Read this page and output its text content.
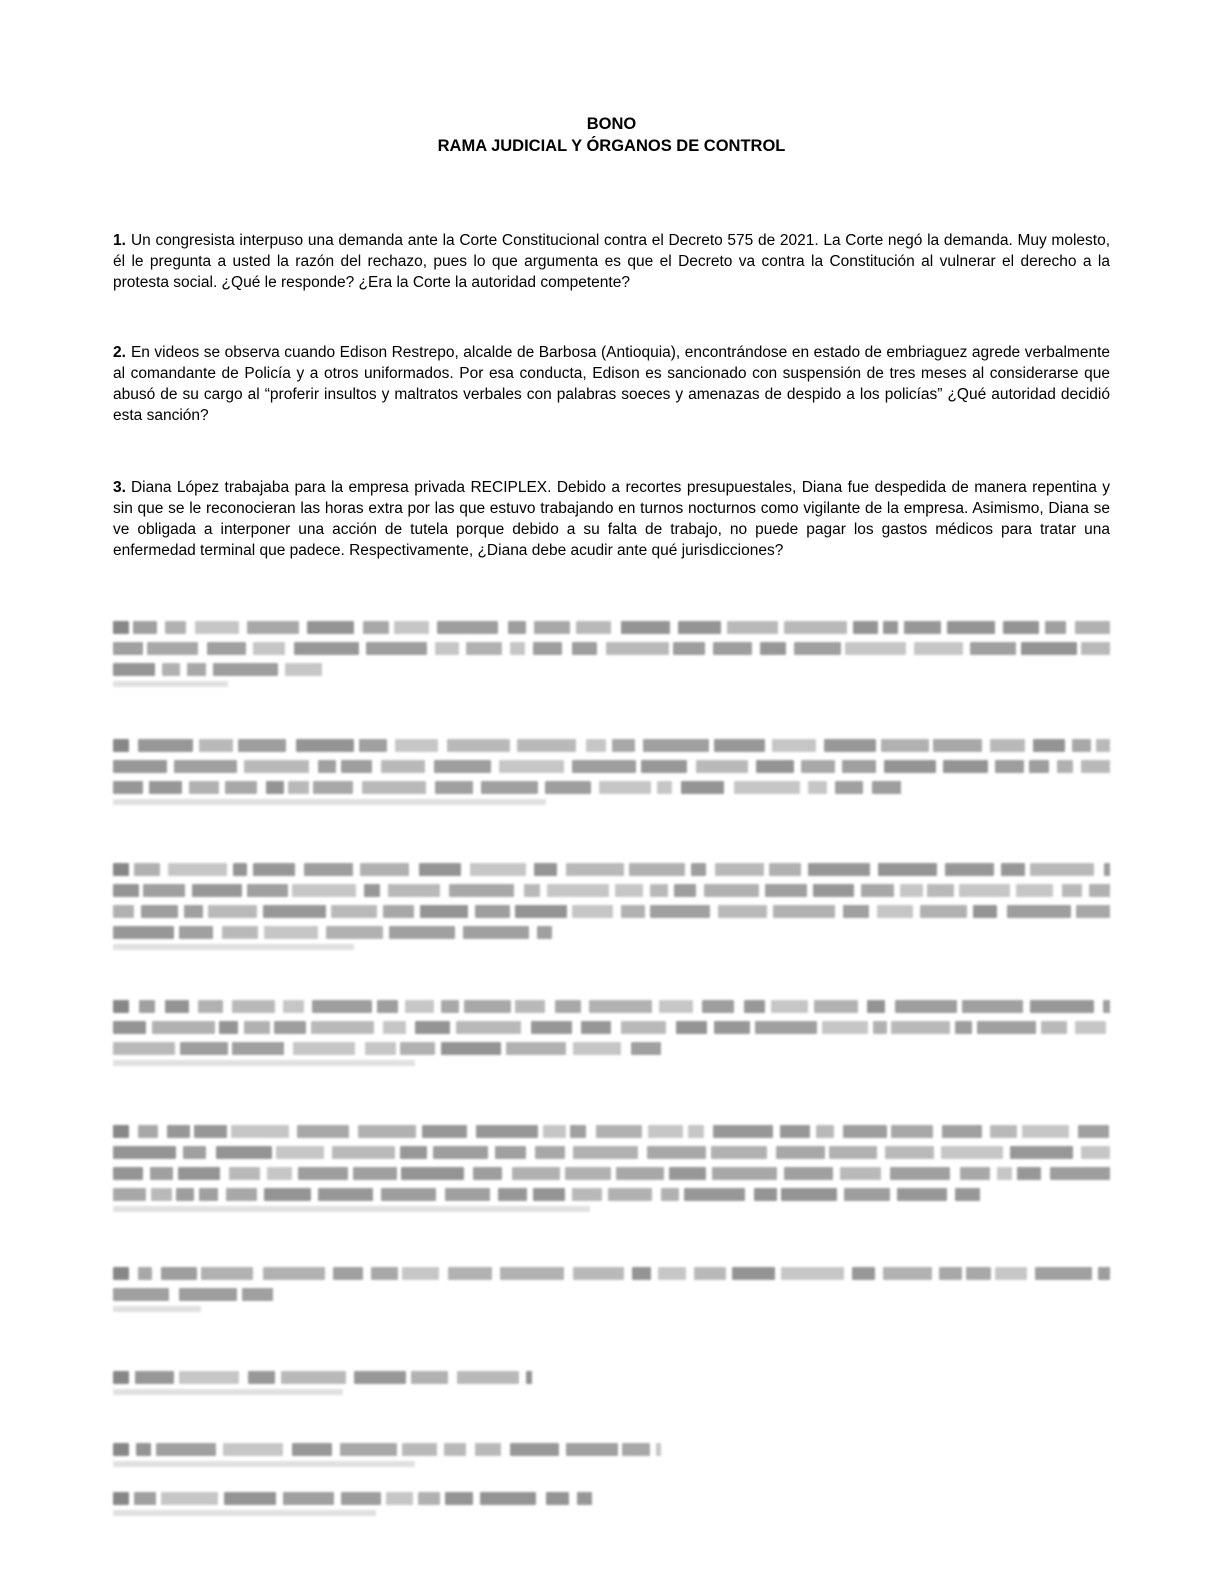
BONO
RAMA JUDICIAL Y ÓRGANOS DE CONTROL

1. Un congresista interpuso una demanda ante la Corte Constitucional contra el Decreto 575 de 2021. La Corte negó la demanda. Muy molesto, él le pregunta a usted la razón del rechazo, pues lo que argumenta es que el Decreto va contra la Constitución al vulnerar el derecho a la protesta social. ¿Qué le responde? ¿Era la Corte la autoridad competente?

2. En videos se observa cuando Edison Restrepo, alcalde de Barbosa (Antioquia), encontrándose en estado de embriaguez agrede verbalmente al comandante de Policía y a otros uniformados. Por esa conducta, Edison es sancionado con suspensión de tres meses al considerarse que abusó de su cargo al “proferir insultos y maltratos verbales con palabras soeces y amenazas de despido a los policías” ¿Qué autoridad decidió esta sanción?

3. Diana López trabajaba para la empresa privada RECIPLEX. Debido a recortes presupuestales, Diana fue despedida de manera repentina y sin que se le reconocieran las horas extra por las que estuvo trabajando en turnos nocturnos como vigilante de la empresa. Asimismo, Diana se ve obligada a interponer una acción de tutela porque debido a su falta de trabajo, no puede pagar los gastos médicos para tratar una enfermedad terminal que padece. Respectivamente, ¿Diana debe acudir ante qué jurisdicciones?
